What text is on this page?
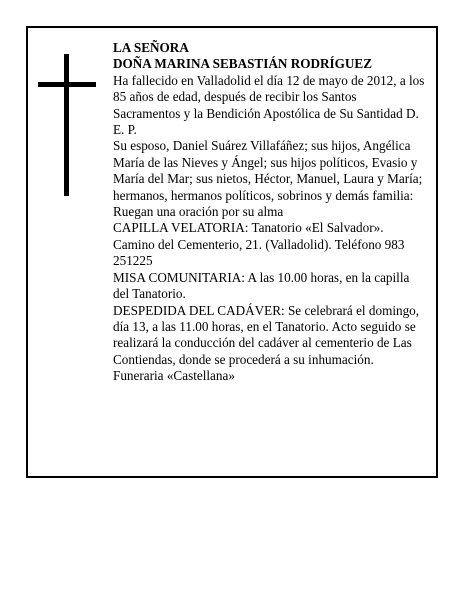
LA SEÑORA

DOÑA MARINA SEBASTIÁN RODRÍGUEZ

Ha fallecido en Valladolid el día 12 de mayo de 2012, a los 85 años de edad, después de recibir los Santos Sacramentos y la Bendición Apostólica de Su Santidad D. E. P.

Su esposo, Daniel Suárez Villafáñez; sus hijos, Angélica María de las Nieves y Ángel; sus hijos políticos, Evasio y María del Mar; sus nietos, Héctor, Manuel, Laura y María; hermanos, hermanos políticos, sobrinos y demás familia:

Ruegan una oración por su alma

CAPILLA VELATORIA: Tanatorio «El Salvador». Camino del Cementerio, 21. (Valladolid). Teléfono 983 251225

MISA COMUNITARIA: A las 10.00 horas, en la capilla del Tanatorio.

DESPEDIDA DEL CADÁVER: Se celebrará el domingo, día 13, a las 11.00 horas, en el Tanatorio. Acto seguido se realizará la conducción del cadáver al cementerio de Las Contiendas, donde se procederá a su inhumación.

Funeraria «Castellana»
